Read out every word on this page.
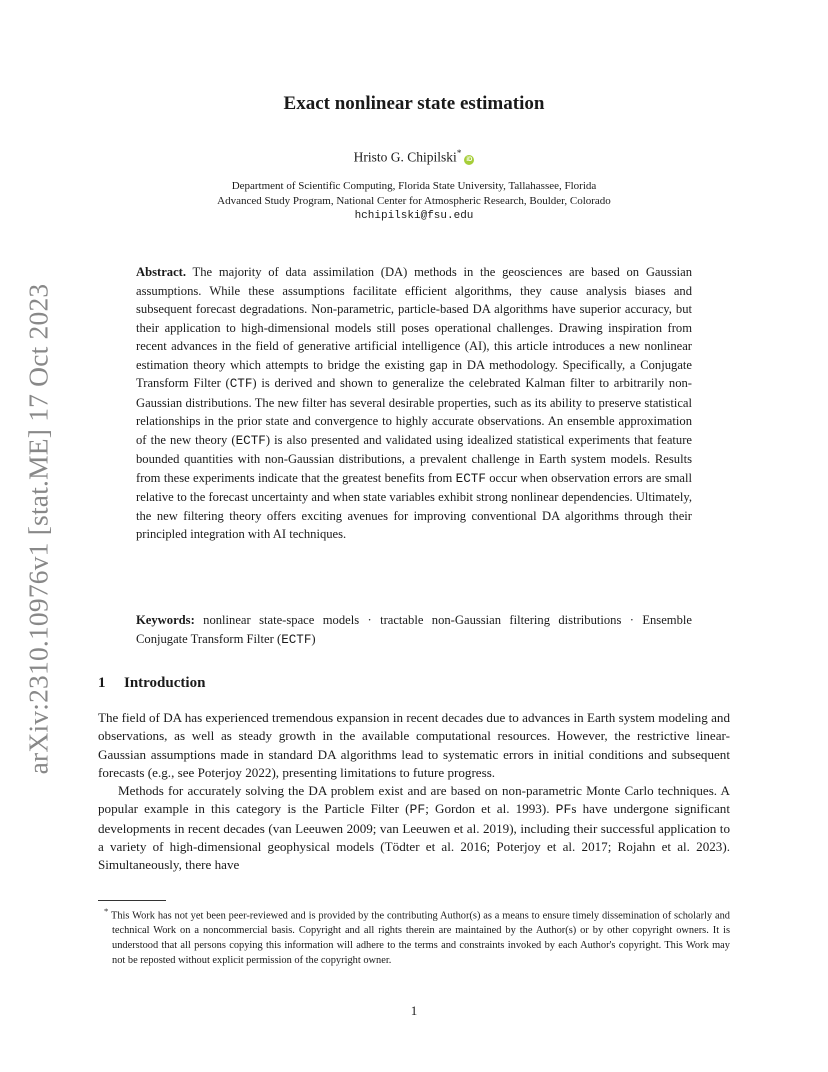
arXiv:2310.10976v1 [stat.ME] 17 Oct 2023
Exact nonlinear state estimation
Hristo G. Chipilski*iD
Department of Scientific Computing, Florida State University, Tallahassee, Florida
Advanced Study Program, National Center for Atmospheric Research, Boulder, Colorado
hchipilski@fsu.edu
Abstract. The majority of data assimilation (DA) methods in the geosciences are based on Gaussian assumptions. While these assumptions facilitate efficient algorithms, they cause analysis biases and subsequent forecast degradations. Non-parametric, particle-based DA algorithms have superior accuracy, but their application to high-dimensional models still poses operational challenges. Drawing inspiration from recent advances in the field of generative artificial intelligence (AI), this article introduces a new nonlinear estimation theory which attempts to bridge the existing gap in DA methodology. Specifically, a Conjugate Transform Filter (CTF) is derived and shown to generalize the celebrated Kalman filter to arbitrarily non-Gaussian distributions. The new filter has several desirable properties, such as its ability to preserve statistical relationships in the prior state and convergence to highly accurate observations. An ensemble approximation of the new theory (ECTF) is also presented and validated using idealized statistical experiments that feature bounded quantities with non-Gaussian distributions, a prevalent challenge in Earth system models. Results from these experiments indicate that the greatest benefits from ECTF occur when observation errors are small relative to the forecast uncertainty and when state variables exhibit strong nonlinear dependencies. Ultimately, the new filtering theory offers exciting avenues for improving conventional DA algorithms through their principled integration with AI techniques.
Keywords: nonlinear state-space models · tractable non-Gaussian filtering distributions · Ensemble Conjugate Transform Filter (ECTF)
1 Introduction

The field of DA has experienced tremendous expansion in recent decades due to advances in Earth system modeling and observations, as well as steady growth in the available computational resources. However, the restrictive linear-Gaussian assumptions made in standard DA algorithms lead to systematic errors in initial conditions and subsequent forecasts (e.g., see Poterjoy 2022), presenting limitations to future progress.

Methods for accurately solving the DA problem exist and are based on non-parametric Monte Carlo techniques. A popular example in this category is the Particle Filter (PF; Gordon et al. 1993). PFs have undergone significant developments in recent decades (van Leeuwen 2009; van Leeuwen et al. 2019), including their successful application to a variety of high-dimensional geophysical models (Tödter et al. 2016; Poterjoy et al. 2017; Rojahn et al. 2023). Simultaneously, there have

* This Work has not yet been peer-reviewed and is provided by the contributing Author(s) as a means to ensure timely dissemination of scholarly and technical Work on a noncommercial basis. Copyright and all rights therein are maintained by the Author(s) or by other copyright owners. It is understood that all persons copying this information will adhere to the terms and constraints invoked by each Author's copyright. This Work may not be reposted without explicit permission of the copyright owner.
1
